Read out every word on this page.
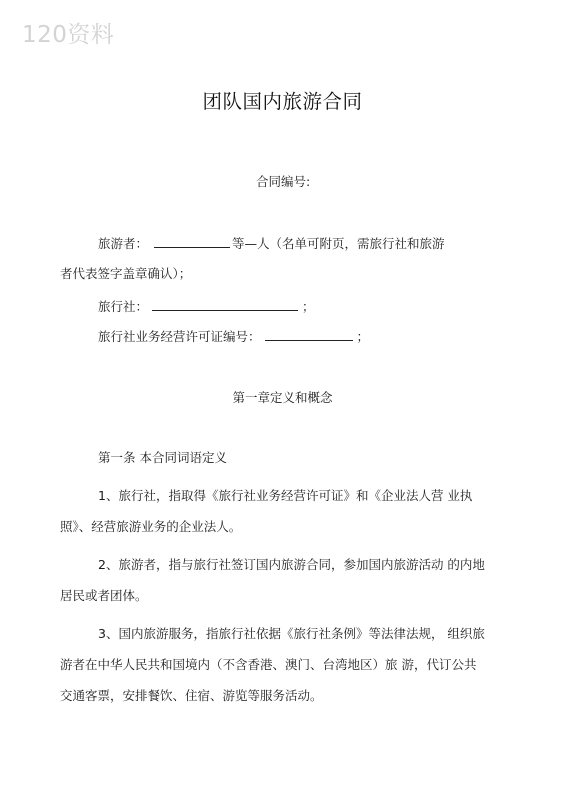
120资料
团队国内旅游合同
合同编号:
旅游者：	等—人（名单可附页，需旅行社和旅游
者代表签字盖章确认）；
旅行社：	；
旅行社业务经营许可证编号：	；
第一章定义和概念
第一条 本合同词语定义
1、旅行社，指取得《旅行社业务经营许可证》和《企业法人营 业执
照》、经营旅游业务的企业法人。
2、旅游者，指与旅行社签订国内旅游合同，参加国内旅游活动 的内地
居民或者团体。
3、国内旅游服务，指旅行社依据《旅行社条例》等法律法规， 组织旅
游者在中华人民共和国境内（不含香港、澳门、台湾地区）旅 游，代订公共
交通客票，安排餐饮、住宿、游览等服务活动。
